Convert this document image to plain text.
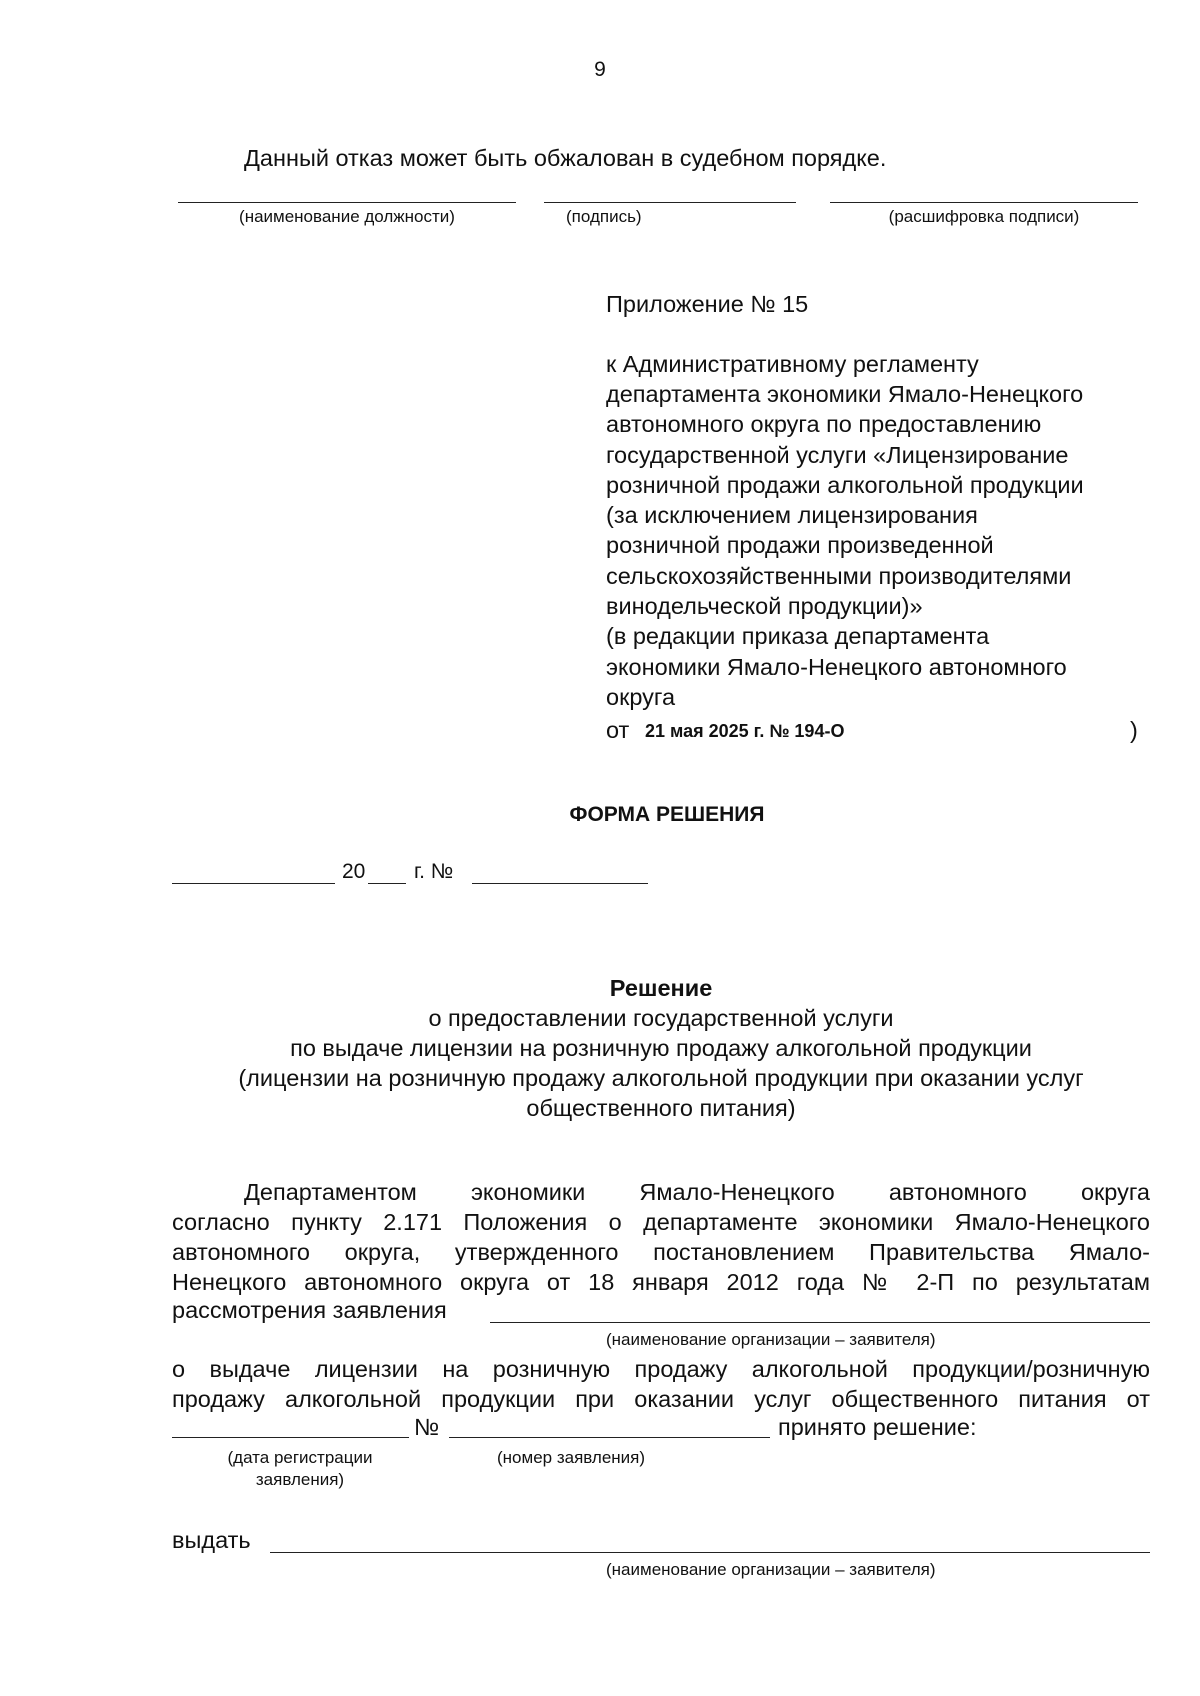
9
Данный отказ может быть обжалован в судебном порядке.
(наименование должности)	(подпись)	(расшифровка подписи)
Приложение № 15
к Административному регламенту
департамента экономики Ямало-Ненецкого
автономного округа по предоставлению
государственной услуги «Лицензирование
розничной продажи алкогольной продукции
(за исключением лицензирования
розничной продажи произведенной
сельскохозяйственными производителями
винодельческой продукции)»
(в редакции приказа департамента
экономики Ямало-Ненецкого автономного
округа
от 21 мая 2025 г. № 194-О	)
ФОРМА РЕШЕНИЯ
20 г. №
Решение
о предоставлении государственной услуги
по выдаче лицензии на розничную продажу алкогольной продукции
(лицензии на розничную продажу алкогольной продукции при оказании услуг
общественного питания)
Департаментом экономики Ямало-Ненецкого автономного округа
согласно пункту 2.171 Положения о департаменте экономики Ямало-Ненецкого
автономного округа, утвержденного постановлением Правительства Ямало-
Ненецкого автономного округа от 18 января 2012 года № 2-П по результатам
рассмотрения заявления
(наименование организации – заявителя)
о выдаче лицензии на розничную продажу алкогольной продукции/розничную
продажу алкогольной продукции при оказании услуг общественного питания от
№	принято решение:
(дата регистрации
заявления)
(номер заявления)
выдать
(наименование организации – заявителя)
